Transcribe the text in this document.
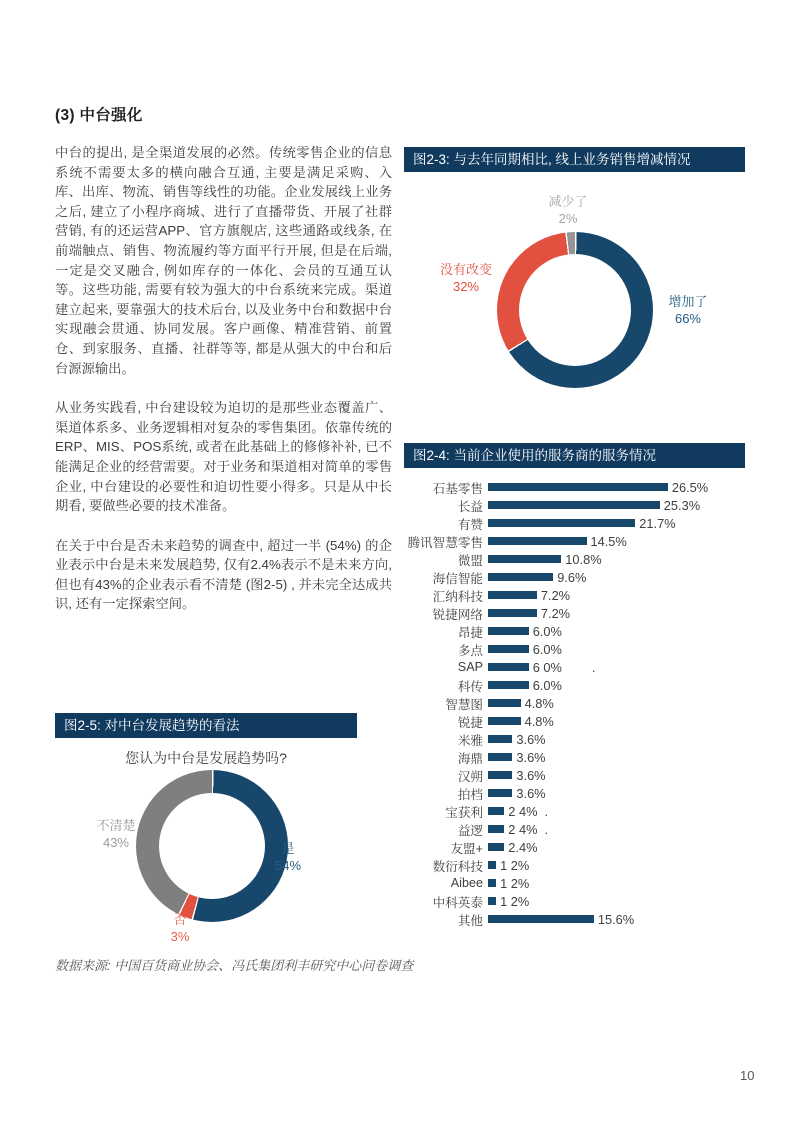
(3) 中台强化

中台的提出, 是全渠道发展的必然。传统零售企业的信息系统不需要太多的横向融合互通, 主要是满足采购、入库、出库、物流、销售等线性的功能。企业发展线上业务之后, 建立了小程序商城、进行了直播带货、开展了社群营销, 有的还运营APP、官方旗舰店, 这些通路或线条, 在前端触点、销售、物流履约等方面平行开展, 但是在后端, 一定是交叉融合, 例如库存的一体化、会员的互通互认等。这些功能, 需要有较为强大的中台系统来完成。渠道建立起来, 要靠强大的技术后台, 以及业务中台和数据中台实现融会贯通、协同发展。客户画像、精准营销、前置仓、到家服务、直播、社群等等, 都是从强大的中台和后台源源输出。

从业务实践看, 中台建设较为迫切的是那些业态覆盖广、渠道体系多、业务逻辑相对复杂的零售集团。依靠传统的ERP、MIS、POS系统, 或者在此基础上的修修补补, 已不能满足企业的经营需要。对于业务和渠道相对简单的零售企业, 中台建设的必要性和迫切性要小得多。只是从中长期看, 要做些必要的技术准备。

在关于中台是否未来趋势的调查中, 超过一半 (54%) 的企业表示中台是未来发展趋势, 仅有2.4%表示不是未来方向, 但也有43%的企业表示看不清楚 (图2-5) , 并未完全达成共识, 还有一定探索空间。

图2-3: 与去年同期相比, 线上业务销售增减情况
减少了
2%
没有改变
32%
增加了
66%
图2-4: 当前企业使用的服务商的服务情况
石基零售	26.5%
长益	25.3%
有赞	21.7%
腾讯智慧零售	14.5%
微盟	10.8%
海信智能	9.6%
汇纳科技	7.2%
锐捷网络	7.2%
昂捷	6.0%
多点	6.0%
SAP	6 0% .
科传	6.0%
智慧图	4.8%
锐捷	4.8%
米雅	3.6%
海鼎	3.6%
汉朔	3.6%
拍档	3.6%
宝获利 2 4% .
益逻 2 4% .
友盟+ 2.4%
数衍科技 1 2%
Aibee 1 2%
中科英泰 1 2%
其他	15.6%
图2-5: 对中台发展趋势的看法
您认为中台是发展趋势吗?
不清楚
43%	是
54%
否
3%
数据来源: 中国百货商业协会、冯氏集团利丰研究中心问卷调查
10
